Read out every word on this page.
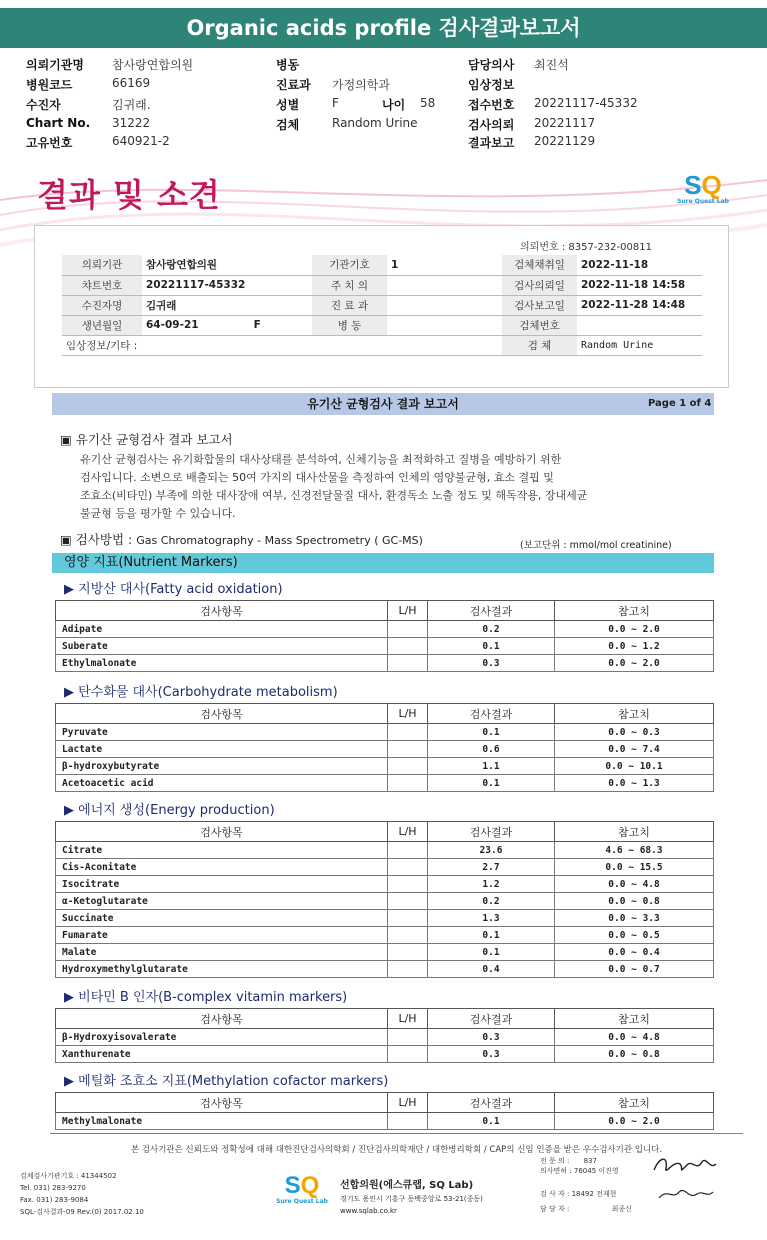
Organic acids profile 검사결과보고서
의뢰기관명 참사랑연합의원
병원코드	66169
수진자	김귀래.
Chart No. 31222
고유번호	640921-2
병동
진료과 가정의학과
성별	F	나이 58
검체	Random Urine
담당의사 최진석
임상정보
접수번호 20221117-45332
검사의뢰 20221117
결과보고 20221129
결과 및 소견	SQ
Sure Quest Lab
의뢰번호 : 8357-232-00811
의뢰기관	참사랑연합의원	기관기호	1	검체채취일	2022-11-18
챠트번호	20221117-45332	주 치 의		검사의뢰일	2022-11-18 14:58
수진자명	김귀래	진 료 과		검사보고일	2022-11-28 14:48
생년월일	64-09-21 F	병 동		검체번호	
임상정보/기타 :				검 체	Random Urine
유기산 균형검사 결과 보고서	Page 1 of 4
▣ 유기산 균형검사 결과 보고서
유기산 균형검사는 유기화합물의 대사상태를 분석하여, 신체기능을 최적화하고 질병을 예방하기 위한
검사입니다. 소변으로 배출되는 50여 가지의 대사산물을 측정하여 인체의 영양불균형, 효소 결핍 및
조효소(비타민) 부족에 의한 대사장애 여부, 신경전달물질 대사, 환경독소 노출 정도 및 해독작용, 장내세균
불균형 등을 평가할 수 있습니다.
▣ 검사방법 : Gas Chromatography - Mass Spectrometry ( GC-MS)	(보고단위 : mmol/mol creatinine)
영양 지표(Nutrient Markers)
▶ 지방산 대사(Fatty acid oxidation)
검사항목	L/H	검사결과	참고치
Adipate		0.2	0.0 ~ 2.0
Suberate		0.1	0.0 ~ 1.2
Ethylmalonate		0.3	0.0 ~ 2.0
▶ 탄수화물 대사(Carbohydrate metabolism)
검사항목	L/H	검사결과	참고치
Pyruvate		0.1	0.0 ~ 0.3
Lactate		0.6	0.0 ~ 7.4
β-hydroxybutyrate		1.1	0.0 ~ 10.1
Acetoacetic acid		0.1	0.0 ~ 1.3
▶ 에너지 생성(Energy production)
검사항목	L/H	검사결과	참고치
Citrate		23.6	4.6 ~ 68.3
Cis-Aconitate		2.7	0.0 ~ 15.5
Isocitrate		1.2	0.0 ~ 4.8
α-Ketoglutarate		0.2	0.0 ~ 0.8
Succinate		1.3	0.0 ~ 3.3
Fumarate		0.1	0.0 ~ 0.5
Malate		0.1	0.0 ~ 0.4
Hydroxymethylglutarate		0.4	0.0 ~ 0.7
▶ 비타민 B 인자(B-complex vitamin markers)
검사항목	L/H	검사결과	참고치
β-Hydroxyisovalerate		0.3	0.0 ~ 4.8
Xanthurenate		0.3	0.0 ~ 0.8
▶ 메틸화 조효소 지표(Methylation cofactor markers)
검사항목	L/H	검사결과	참고치
Methylmalonate		0.1	0.0 ~ 2.0
본 검사기관은 신뢰도와 정확성에 대해 대한진단검사의학회 / 진단검사의학재단 / 대한병리학회 / CAP의 신임 인증을 받은 우수검사기관 입니다.
검체검사기관기호 : 41344502
Tel. 031) 283-9270
Fax. 031) 283-9084
SQL-검사결과-09 Rev.(0) 2017.02.10
SQ
Sure Quest Lab
선합의원(에스큐랩, SQ Lab)
경기도 용인시 기흥구 동백중앙로 53-21(중동)
www.sqlab.co.kr
전 문 의 : 837
의사면허 : 76045 이진영
검 사 자 : 18492 전재현
담 당 자 :	최종신
